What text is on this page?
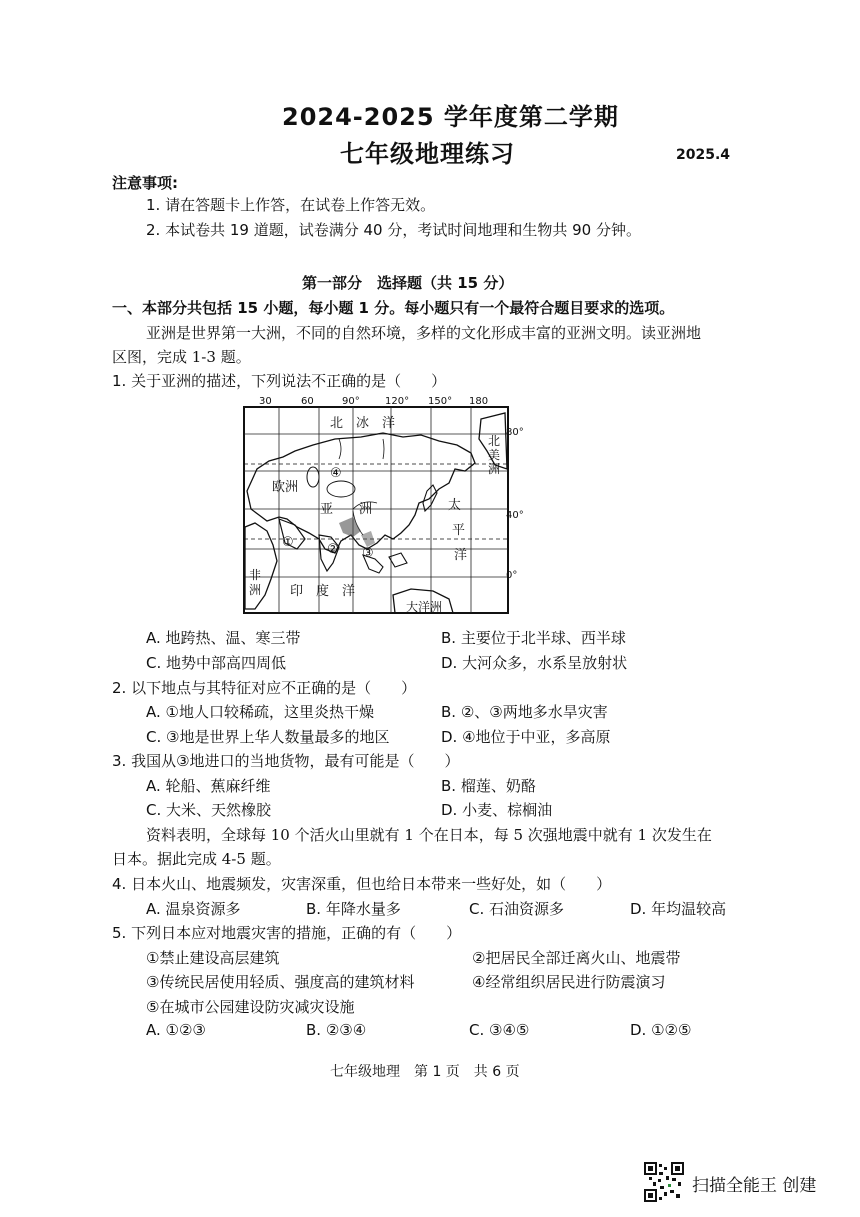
2024-2025 学年度第二学期
七年级地理练习	2025.4
注意事项:
1. 请在答题卡上作答，在试卷上作答无效。
2. 本试卷共 19 道题，试卷满分 40 分，考试时间地理和生物共 90 分钟。
第一部分　选择题（共 15 分）
一、本部分共包括 15 小题，每小题 1 分。每小题只有一个最符合题目要求的选项。
亚洲是世界第一大洲，不同的自然环境，多样的文化形成丰富的亚洲文明。读亚洲地
区图，完成 1-3 题。
1. 关于亚洲的描述，下列说法不正确的是（　　）
30	60	90°	120° 150° 180
80°
40°
0°
北　冰　洋
欧洲
亚　　洲	太
平
洋
北
美
洲
非
洲 印　度　洋
大洋洲
①	② ③
④
A. 地跨热、温、寒三带	B. 主要位于北半球、西半球
C. 地势中部高四周低	D. 大河众多，水系呈放射状
2. 以下地点与其特征对应不正确的是（　　）
A. ①地人口较稀疏，这里炎热干燥	B. ②、③两地多水旱灾害
C. ③地是世界上华人数量最多的地区	D. ④地位于中亚，多高原
3. 我国从③地进口的当地货物，最有可能是（　　）
A. 轮船、蕉麻纤维	B. 榴莲、奶酪
C. 大米、天然橡胶	D. 小麦、棕榈油
资料表明，全球每 10 个活火山里就有 1 个在日本，每 5 次强地震中就有 1 次发生在
日本。据此完成 4-5 题。
4. 日本火山、地震频发，灾害深重，但也给日本带来一些好处，如（　　）
A. 温泉资源多	B. 年降水量多	C. 石油资源多	D. 年均温较高
5. 下列日本应对地震灾害的措施，正确的有（　　）
①禁止建设高层建筑	②把居民全部迁离火山、地震带
③传统民居使用轻质、强度高的建筑材料	④经常组织居民进行防震演习
⑤在城市公园建设防灾减灾设施
A. ①②③	B. ②③④	C. ③④⑤	D. ①②⑤
七年级地理　第 1 页　共 6 页
扫描全能王 创建
